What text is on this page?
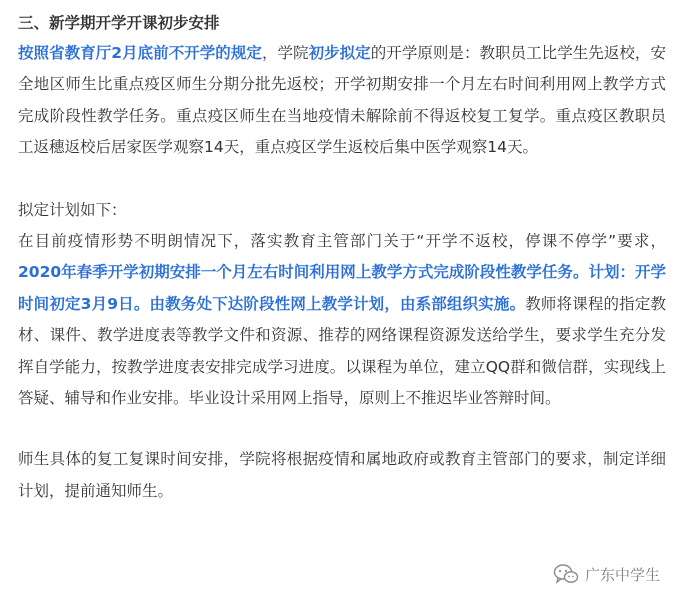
三、新学期开学开课初步安排

按照省教育厅2月底前不开学的规定，学院初步拟定的开学原则是：教职员工比学生先返校，安全地区师生比重点疫区师生分期分批先返校；开学初期安排一个月左右时间利用网上教学方式完成阶段性教学任务。重点疫区师生在当地疫情未解除前不得返校复工复学。重点疫区教职员工返穗返校后居家医学观察14天，重点疫区学生返校后集中医学观察14天。

拟定计划如下：

在目前疫情形势不明朗情况下，落实教育主管部门关于“开学不返校，停课不停学”要求，2020年春季开学初期安排一个月左右时间利用网上教学方式完成阶段性教学任务。计划：开学时间初定3月9日。由教务处下达阶段性网上教学计划，由系部组织实施。教师将课程的指定教材、课件、教学进度表等教学文件和资源、推荐的网络课程资源发送给学生，要求学生充分发挥自学能力，按教学进度表安排完成学习进度。以课程为单位，建立QQ群和微信群，实现线上答疑、辅导和作业安排。毕业设计采用网上指导，原则上不推迟毕业答辩时间。

师生具体的复工复课时间安排，学院将根据疫情和属地政府或教育主管部门的要求，制定详细计划，提前通知师生。

广东中学生
